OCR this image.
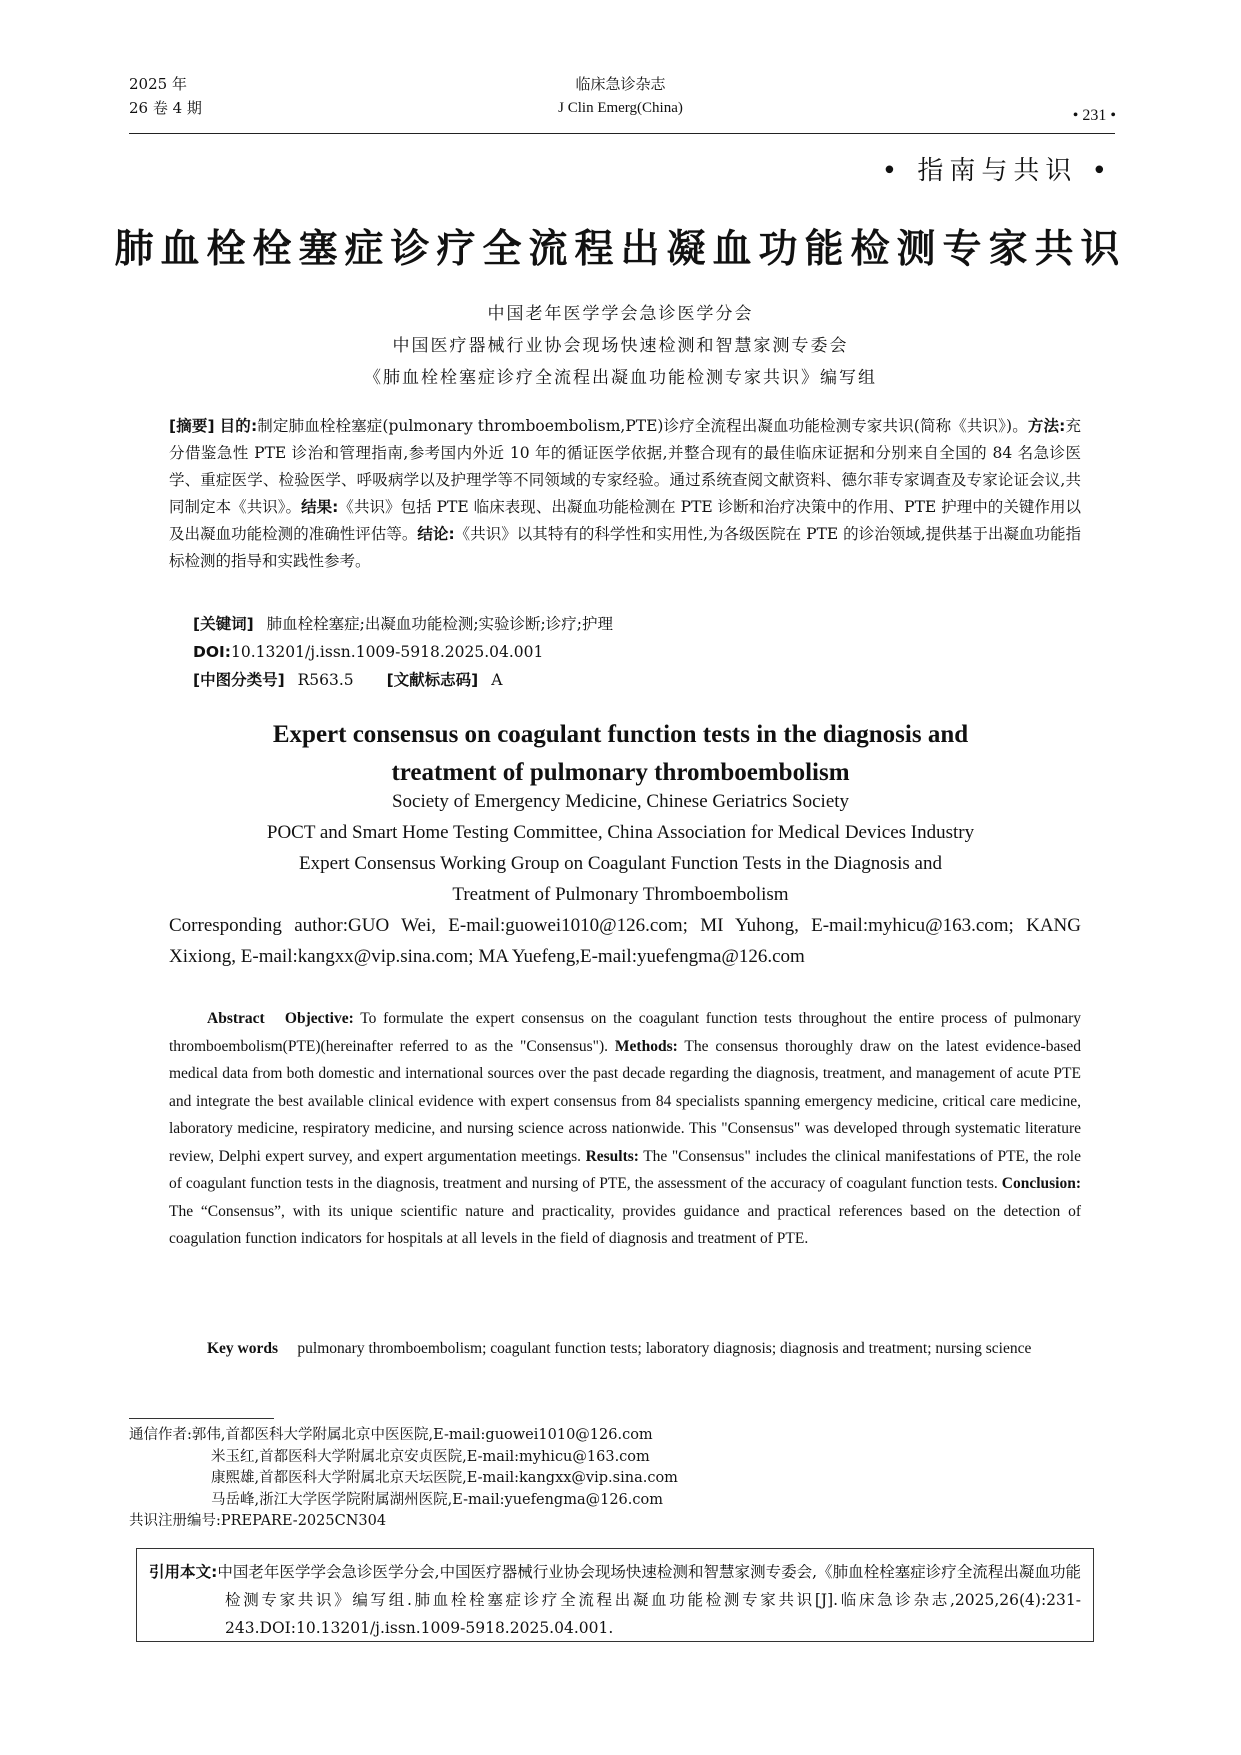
2025 年
26 卷 4 期
临床急诊杂志
J Clin Emerg(China)	• 231 •
• 指南与共识 •
肺血栓栓塞症诊疗全流程出凝血功能检测专家共识
中国老年医学学会急诊医学分会
中国医疗器械行业协会现场快速检测和智慧家测专委会
《肺血栓栓塞症诊疗全流程出凝血功能检测专家共识》编写组
[摘要] 目的:制定肺血栓栓塞症(pulmonary thromboembolism,PTE)诊疗全流程出凝血功能检测专家共识(简称《共识》)。方法:充分借鉴急性 PTE 诊治和管理指南,参考国内外近 10 年的循证医学依据,并整合现有的最佳临床证据和分别来自全国的 84 名急诊医学、重症医学、检验医学、呼吸病学以及护理学等不同领域的专家经验。通过系统查阅文献资料、德尔菲专家调查及专家论证会议,共同制定本《共识》。结果:《共识》包括 PTE 临床表现、出凝血功能检测在 PTE 诊断和治疗决策中的作用、PTE 护理中的关键作用以及出凝血功能检测的准确性评估等。结论:《共识》以其特有的科学性和实用性,为各级医院在 PTE 的诊治领域,提供基于出凝血功能指标检测的指导和实践性参考。
[关键词] 肺血栓栓塞症;出凝血功能检测;实验诊断;诊疗;护理
DOI:10.13201/j.issn.1009-5918.2025.04.001
[中图分类号] R563.5 [文献标志码] A
Expert consensus on coagulant function tests in the diagnosis and
treatment of pulmonary thromboembolism
Society of Emergency Medicine, Chinese Geriatrics Society
POCT and Smart Home Testing Committee, China Association for Medical Devices Industry
Expert Consensus Working Group on Coagulant Function Tests in the Diagnosis and
Treatment of Pulmonary Thromboembolism
Corresponding author:GUO Wei, E-mail:guowei1010@126.com; MI Yuhong, E-mail:myhicu@163.com; KANG Xixiong, E-mail:kangxx@vip.sina.com; MA Yuefeng,E-mail:yuefengma@126.com
Abstract Objective: To formulate the expert consensus on the coagulant function tests throughout the entire process of pulmonary thromboembolism(PTE)(hereinafter referred to as the "Consensus"). Methods: The consensus thoroughly draw on the latest evidence-based medical data from both domestic and international sources over the past decade regarding the diagnosis, treatment, and management of acute PTE and integrate the best available clinical evidence with expert consensus from 84 specialists spanning emergency medicine, critical care medicine, laboratory medicine, respiratory medicine, and nursing science across nationwide. This "Consensus" was developed through systematic literature review, Delphi expert survey, and expert argumentation meetings. Results: The "Consensus" includes the clinical manifestations of PTE, the role of coagulant function tests in the diagnosis, treatment and nursing of PTE, the assessment of the accuracy of coagulant function tests. Conclusion: The “Consensus”, with its unique scientific nature and practicality, provides guidance and practical references based on the detection of coagulation function indicators for hospitals at all levels in the field of diagnosis and treatment of PTE.
Key words pulmonary thromboembolism; coagulant function tests; laboratory diagnosis; diagnosis and treatment; nursing science
通信作者:郭伟,首都医科大学附属北京中医医院,E-mail:guowei1010@126.com
米玉红,首都医科大学附属北京安贞医院,E-mail:myhicu@163.com
康熙雄,首都医科大学附属北京天坛医院,E-mail:kangxx@vip.sina.com
马岳峰,浙江大学医学院附属湖州医院,E-mail:yuefengma@126.com
共识注册编号:PREPARE-2025CN304
引用本文:中国老年医学学会急诊医学分会,中国医疗器械行业协会现场快速检测和智慧家测专委会,《肺血栓栓塞症诊疗全流程出凝血功能检测专家共识》编写组.肺血栓栓塞症诊疗全流程出凝血功能检测专家共识[J].临床急诊杂志,2025,26(4):231-243.DOI:10.13201/j.issn.1009-5918.2025.04.001.
